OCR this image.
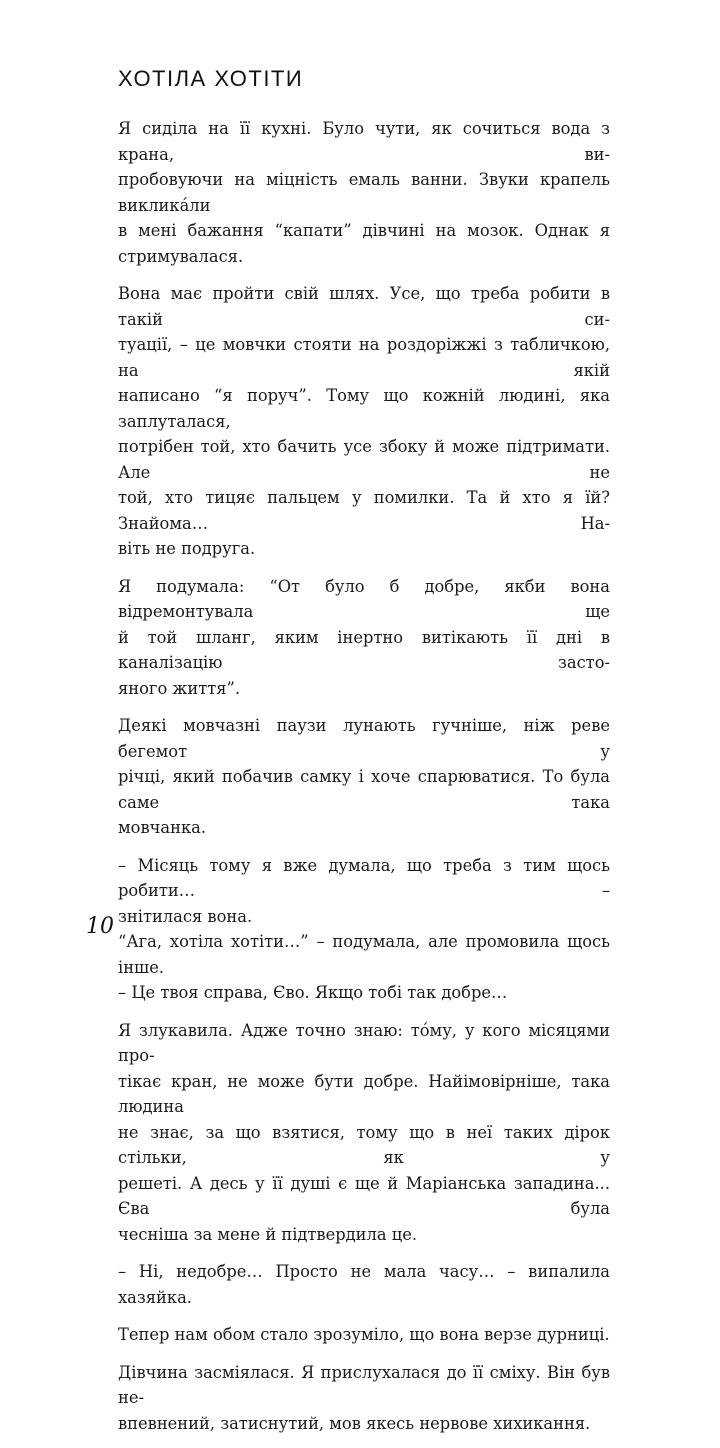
ХОТІЛА ХОТІТИ

Я сиділа на її кухні. Було чути, як сочиться вода з крана, ви-
пробовуючи на міцність емаль ванни. Звуки крапель викликáли
в мені бажання “капати” дівчині на мозок. Однак я стримувалася.

Вона має пройти свій шлях. Усе, що треба робити в такій си-
туації, – це мовчки стояти на роздоріжжі з табличкою, на якій
написано “я поруч”. Тому що кожній людині, яка заплуталася,
потрібен той, хто бачить усе збоку й може підтримати. Але не
той, хто тицяє пальцем у помилки. Та й хто я їй? Знайома… На-
віть не подруга.

Я подумала: “От було б добре, якби вона відремонтувала ще
й той шланг, яким інертно витікають її дні в каналізацію засто-
яного життя”.

Деякі мовчазні паузи лунають гучніше, ніж реве бегемот у
річці, який побачив самку і хоче спарюватися. То була саме така
мовчанка.

– Місяць тому я вже думала, що треба з тим щось робити… –
знітилася вона.
“Ага, хотіла хотіти…” – подумала, але промовила щось інше.
– Це твоя справа, Єво. Якщо тобі так добре…

Я злукавила. Адже точно знаю: тóму, у кого місяцями про-
тікає кран, не може бути добре. Найімовірніше, така людина
не знає, за що взятися, тому що в неї таких дірок стільки, як у
решеті. А десь у її душі є ще й Маріанська западина... Єва була
чесніша за мене й підтвердила це.

– Ні, недобре… Просто не мала часу… – випалила хазяйка.

Тепер нам обом стало зрозуміло, що вона верзе дурниці.

Дівчина засміялася. Я прислухалася до її сміху. Він був не-
впевнений, затиснутий, мов якесь нервове хихикання.

10
